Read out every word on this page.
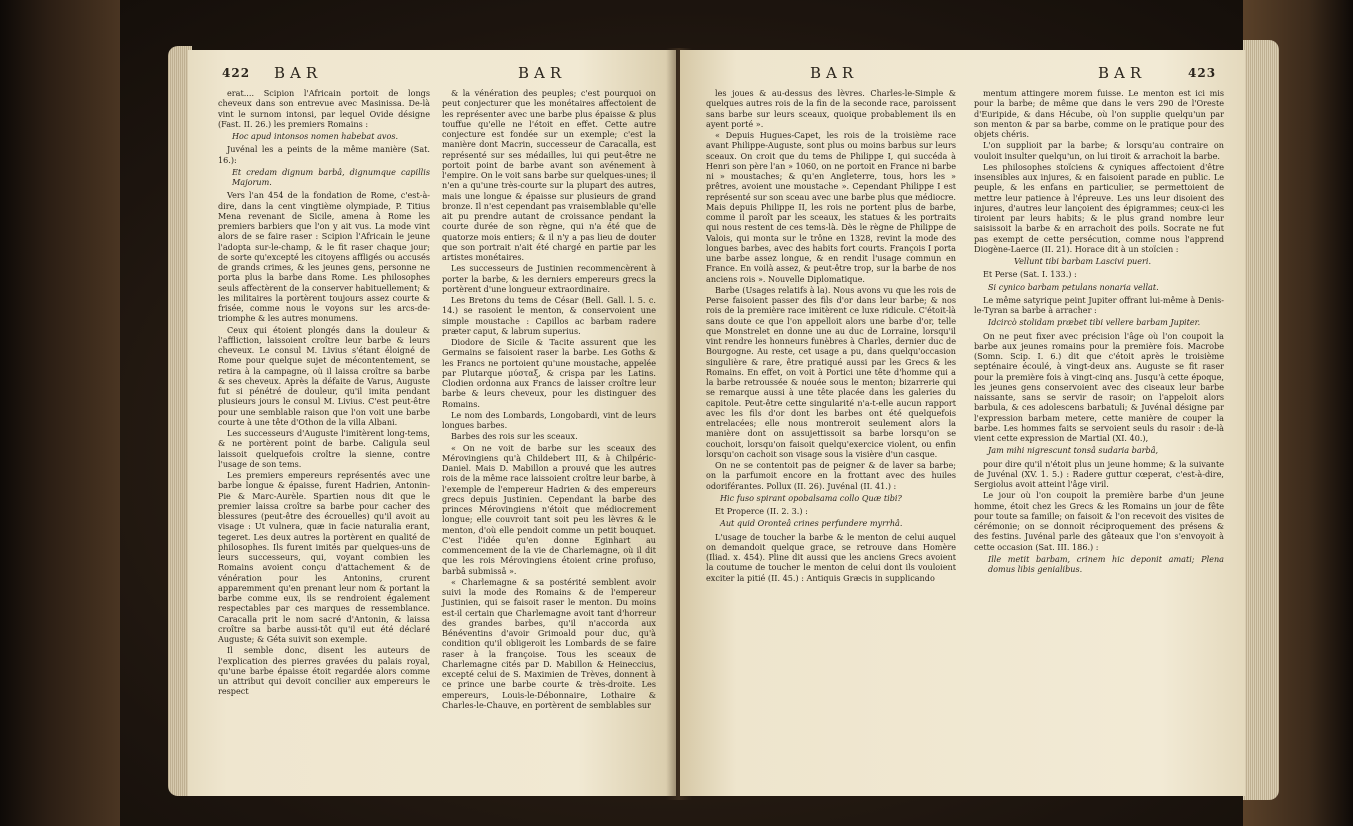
422 BAR	BAR

erat.... Scipion l'Africain portoit de longs cheveux dans son entrevue avec Masinissa. De-là vint le surnom intonsi, par lequel Ovide désigne (Fast. II. 26.) les premiers Romains :

Hoc apud intonsos nomen habebat avos.

Juvénal les a peints de la même manière (Sat. 16.):

Et credam dignum barbâ, dignumque capillis Majorum.

Vers l'an 454 de la fondation de Rome, c'est-à-dire, dans la cent vingtième olympiade, P. Titius Mena revenant de Sicile, amena à Rome les premiers barbiers que l'on y ait vus. La mode vint alors de se faire raser : Scipion l'Africain le jeune l'adopta sur-le-champ, & le fit raser chaque jour; de sorte qu'excepté les citoyens affligés ou accusés de grands crimes, & les jeunes gens, personne ne porta plus la barbe dans Rome. Les philosophes seuls affectèrent de la conserver habituellement; & les militaires la portèrent toujours assez courte & frisée, comme nous le voyons sur les arcs-de-triomphe & les autres monumens.

Ceux qui étoient plongés dans la douleur & l'affliction, laissoient croître leur barbe & leurs cheveux. Le consul M. Livius s'étant éloigné de Rome pour quelque sujet de mécontentement, se retira à la campagne, où il laissa croître sa barbe & ses cheveux. Après la défaite de Varus, Auguste fut si pénétré de douleur, qu'il imita pendant plusieurs jours le consul M. Livius. C'est peut-être pour une semblable raison que l'on voit une barbe courte à une tête d'Othon de la villa Albani.

Les successeurs d'Auguste l'imitèrent long-tems, & ne portèrent point de barbe. Caligula seul laissoit quelquefois croître la sienne, contre l'usage de son tems.

Les premiers empereurs représentés avec une barbe longue & épaisse, furent Hadrien, Antonin-Pie & Marc-Aurèle. Spartien nous dit que le premier laissa croître sa barbe pour cacher des blessures (peut-être des écrouelles) qu'il avoit au visage : Ut vulnera, quæ in facie naturalia erant, tegeret. Les deux autres la portèrent en qualité de philosophes. Ils furent imités par quelques-uns de leurs successeurs, qui, voyant combien les Romains avoient conçu d'attachement & de vénération pour les Antonins, crurent apparemment qu'en prenant leur nom & portant la barbe comme eux, ils se rendroient également respectables par ces marques de ressemblance. Caracalla prit le nom sacré d'Antonin, & laissa croître sa barbe aussi-tôt qu'il eut été déclaré Auguste; & Géta suivit son exemple.

Il semble donc, disent les auteurs de l'explication des pierres gravées du palais royal, qu'une barbe épaisse étoit regardée alors comme un attribut qui devoit concilier aux empereurs le respect

& la vénération des peuples; c'est pourquoi on peut conjecturer que les monétaires affectoient de les représenter avec une barbe plus épaisse & plus touffue qu'elle ne l'étoit en effet. Cette autre conjecture est fondée sur un exemple; c'est la manière dont Macrin, successeur de Caracalla, est représenté sur ses médailles, lui qui peut-être ne portoit point de barbe avant son avénement à l'empire. On le voit sans barbe sur quelques-unes; il n'en a qu'une très-courte sur la plupart des autres, mais une longue & épaisse sur plusieurs de grand bronze. Il n'est cependant pas vraisemblable qu'elle ait pu prendre autant de croissance pendant la courte durée de son règne, qui n'a été que de quatorze mois entiers; & il n'y a pas lieu de douter que son portrait n'ait été chargé en partie par les artistes monétaires.

Les successeurs de Justinien recommencèrent à porter la barbe, & les derniers empereurs grecs la portèrent d'une longueur extraordinaire.

Les Bretons du tems de César (Bell. Gall. l. 5. c. 14.) se rasoient le menton, & conservoient une simple moustache : Capillos ac barbam radere præter caput, & labrum superius.

Diodore de Sicile & Tacite assurent que les Germains se faisoient raser la barbe. Les Goths & les Francs ne portoient qu'une moustache, appelée par Plutarque μύσταξ, & crispa par les Latins. Clodien ordonna aux Francs de laisser croître leur barbe & leurs cheveux, pour les distinguer des Romains.

Le nom des Lombards, Longobardi, vint de leurs longues barbes.

Barbes des rois sur les sceaux.

« On ne voit de barbe sur les sceaux des Mérovingiens qu'à Childebert III, & à Chilpéric-Daniel. Mais D. Mabillon a prouvé que les autres rois de la même race laissoient croître leur barbe, à l'exemple de l'empereur Hadrien & des empereurs grecs depuis Justinien. Cependant la barbe des princes Mérovingiens n'étoit que médiocrement longue; elle couvroit tant soit peu les lèvres & le menton, d'où elle pendoit comme un petit bouquet. C'est l'idée qu'en donne Eginhart au commencement de la vie de Charlemagne, où il dit que les rois Mérovingiens étoient crine profuso, barbâ submissâ ».

« Charlemagne & sa postérité semblent avoir suivi la mode des Romains & de l'empereur Justinien, qui se faisoit raser le menton. Du moins est-il certain que Charlemagne avoit tant d'horreur des grandes barbes, qu'il n'accorda aux Bénéventins d'avoir Grimoald pour duc, qu'à condition qu'il obligeroit les Lombards de se faire raser à la françoise. Tous les sceaux de Charlemagne cités par D. Mabillon & Heineccius, excepté celui de S. Maximien de Trèves, donnent à ce prince une barbe courte & très-droite. Les empereurs, Louis-le-Débonnaire, Lothaire & Charles-le-Chauve, en portèrent de semblables sur

BAR	BAR	423

les joues & au-dessus des lèvres. Charles-le-Simple & quelques autres rois de la fin de la seconde race, paroissent sans barbe sur leurs sceaux, quoique probablement ils en ayent porté ».

« Depuis Hugues-Capet, les rois de la troisième race avant Philippe-Auguste, sont plus ou moins barbus sur leurs sceaux. On croit que du tems de Philippe I, qui succéda à Henri son père l'an » 1060, on ne portoit en France ni barbe ni » moustaches; & qu'en Angleterre, tous, hors les » prêtres, avoient une moustache ». Cependant Philippe I est représenté sur son sceau avec une barbe plus que médiocre. Mais depuis Philippe II, les rois ne portent plus de barbe, comme il paroît par les sceaux, les statues & les portraits qui nous restent de ces tems-là. Dès le règne de Philippe de Valois, qui monta sur le trône en 1328, revint la mode des longues barbes, avec des habits fort courts. François I porta une barbe assez longue, & en rendit l'usage commun en France. En voilà assez, & peut-être trop, sur la barbe de nos anciens rois ». Nouvelle Diplomatique.

Barbe (Usages relatifs à la). Nous avons vu que les rois de Perse faisoient passer des fils d'or dans leur barbe; & nos rois de la première race imitèrent ce luxe ridicule. C'étoit-là sans doute ce que l'on appelloit alors une barbe d'or, telle que Monstrelet en donne une au duc de Lorraine, lorsqu'il vint rendre les honneurs funèbres à Charles, dernier duc de Bourgogne. Au reste, cet usage a pu, dans quelqu'occasion singulière & rare, être pratiqué aussi par les Grecs & les Romains. En effet, on voit à Portici une tête d'homme qui a la barbe retroussée & nouée sous le menton; bizarrerie qui se remarque aussi à une tête placée dans les galeries du capitole. Peut-être cette singularité n'a-t-elle aucun rapport avec les fils d'or dont les barbes ont été quelquefois entrelacées; elle nous montreroit seulement alors la manière dont on assujettissoit sa barbe lorsqu'on se couchoit, lorsqu'on faisoit quelqu'exercice violent, ou enfin lorsqu'on cachoit son visage sous la visière d'un casque.

On ne se contentoit pas de peigner & de laver sa barbe; on la parfumoit encore en la frottant avec des huiles odoriférantes. Pollux (II. 26). Juvénal (II. 41.) :

Hic fuso spirant opobalsama collo Quæ tibi?

Et Properce (II. 2. 3.) :

Aut quid Oronteâ crines perfundere myrrhâ.

L'usage de toucher la barbe & le menton de celui auquel on demandoit quelque grace, se retrouve dans Homère (Iliad. x. 454). Pline dit aussi que les anciens Grecs avoient la coutume de toucher le menton de celui dont ils vouloient exciter la pitié (II. 45.) : Antiquis Græcis in supplicando

mentum attingere morem fuisse. Le menton est ici mis pour la barbe; de même que dans le vers 290 de l'Oreste d'Euripide, & dans Hécube, où l'on supplie quelqu'un par son menton & par sa barbe, comme on le pratique pour des objets chéris.

L'on supplioit par la barbe; & lorsqu'au contraire on vouloit insulter quelqu'un, on lui tiroit & arrachoit la barbe.

Les philosophes stoïciens & cyniques affectoient d'être insensibles aux injures, & en faisoient parade en public. Le peuple, & les enfans en particulier, se permettoient de mettre leur patience à l'épreuve. Les uns leur disoient des injures, d'autres leur lançoient des épigrammes; ceux-ci les tiroient par leurs habits; & le plus grand nombre leur saisissoit la barbe & en arrachoit des poils. Socrate ne fut pas exempt de cette persécution, comme nous l'apprend Diogène-Laerce (II. 21). Horace dit à un stoïcien :

Vellunt tibi barbam Lascivi pueri.

Et Perse (Sat. I. 133.) :

Si cynico barbam petulans nonaria vellat.

Le même satyrique peint Jupiter offrant lui-même à Denis-le-Tyran sa barbe à arracher :

Idcircò stolidam præbet tibi vellere barbam Jupiter.

On ne peut fixer avec précision l'âge où l'on coupoit la barbe aux jeunes romains pour la première fois. Macrobe (Somn. Scip. I. 6.) dit que c'étoit après le troisième septénaire écoulé, à vingt-deux ans. Auguste se fit raser pour la première fois à vingt-cinq ans. Jusqu'à cette époque, les jeunes gens conservoient avec des ciseaux leur barbe naissante, sans se servir de rasoir; on l'appeloit alors barbula, & ces adolescens barbatuli; & Juvénal désigne par l'expression barbam metere, cette manière de couper la barbe. Les hommes faits se servoient seuls du rasoir : de-là vient cette expression de Martial (XI. 40.),

Jam mihi nigrescunt tonsâ sudaria barbâ,

pour dire qu'il n'étoit plus un jeune homme; & la suivante de Juvénal (XV. 1. 5.) : Radere guttur cœperat, c'est-à-dire, Sergiolus avoit atteint l'âge viril.

Le jour où l'on coupoit la première barbe d'un jeune homme, étoit chez les Grecs & les Romains un jour de fête pour toute sa famille; on faisoit & l'on recevoit des visites de cérémonie; on se donnoit réciproquement des présens & des festins. Juvénal parle des gâteaux que l'on s'envoyoit à cette occasion (Sat. III. 186.) :

Ille metit barbam, crinem hic deponit amati; Plena domus libis genialibus.
